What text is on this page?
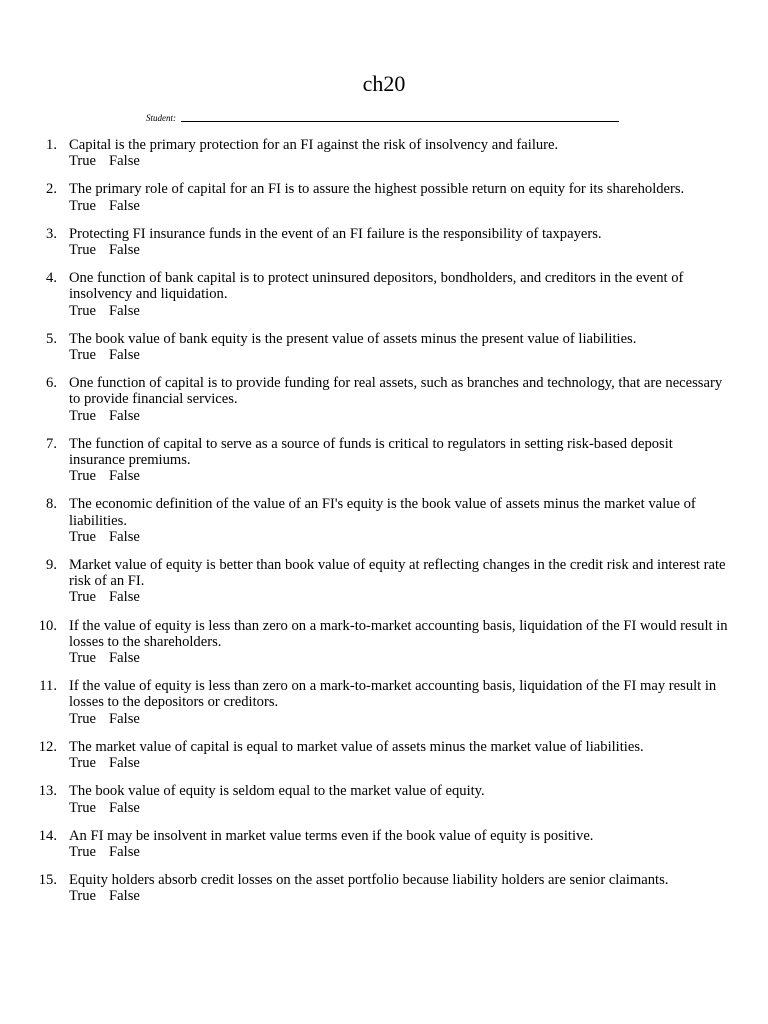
ch20
Student:
1. Capital is the primary protection for an FI against the risk of insolvency and failure.
True False
2. The primary role of capital for an FI is to assure the highest possible return on equity for its shareholders.
True False
3. Protecting FI insurance funds in the event of an FI failure is the responsibility of taxpayers.
True False
4. One function of bank capital is to protect uninsured depositors, bondholders, and creditors in the event of insolvency and liquidation.
True False
5. The book value of bank equity is the present value of assets minus the present value of liabilities.
True False
6. One function of capital is to provide funding for real assets, such as branches and technology, that are necessary to provide financial services.
True False
7. The function of capital to serve as a source of funds is critical to regulators in setting risk-based deposit insurance premiums.
True False
8. The economic definition of the value of an FI's equity is the book value of assets minus the market value of liabilities.
True False
9. Market value of equity is better than book value of equity at reflecting changes in the credit risk and interest rate risk of an FI.
True False
10. If the value of equity is less than zero on a mark-to-market accounting basis, liquidation of the FI would result in losses to the shareholders.
True False
11. If the value of equity is less than zero on a mark-to-market accounting basis, liquidation of the FI may result in losses to the depositors or creditors.
True False
12. The market value of capital is equal to market value of assets minus the market value of liabilities.
True False
13. The book value of equity is seldom equal to the market value of equity.
True False
14. An FI may be insolvent in market value terms even if the book value of equity is positive.
True False
15. Equity holders absorb credit losses on the asset portfolio because liability holders are senior claimants.
True False
